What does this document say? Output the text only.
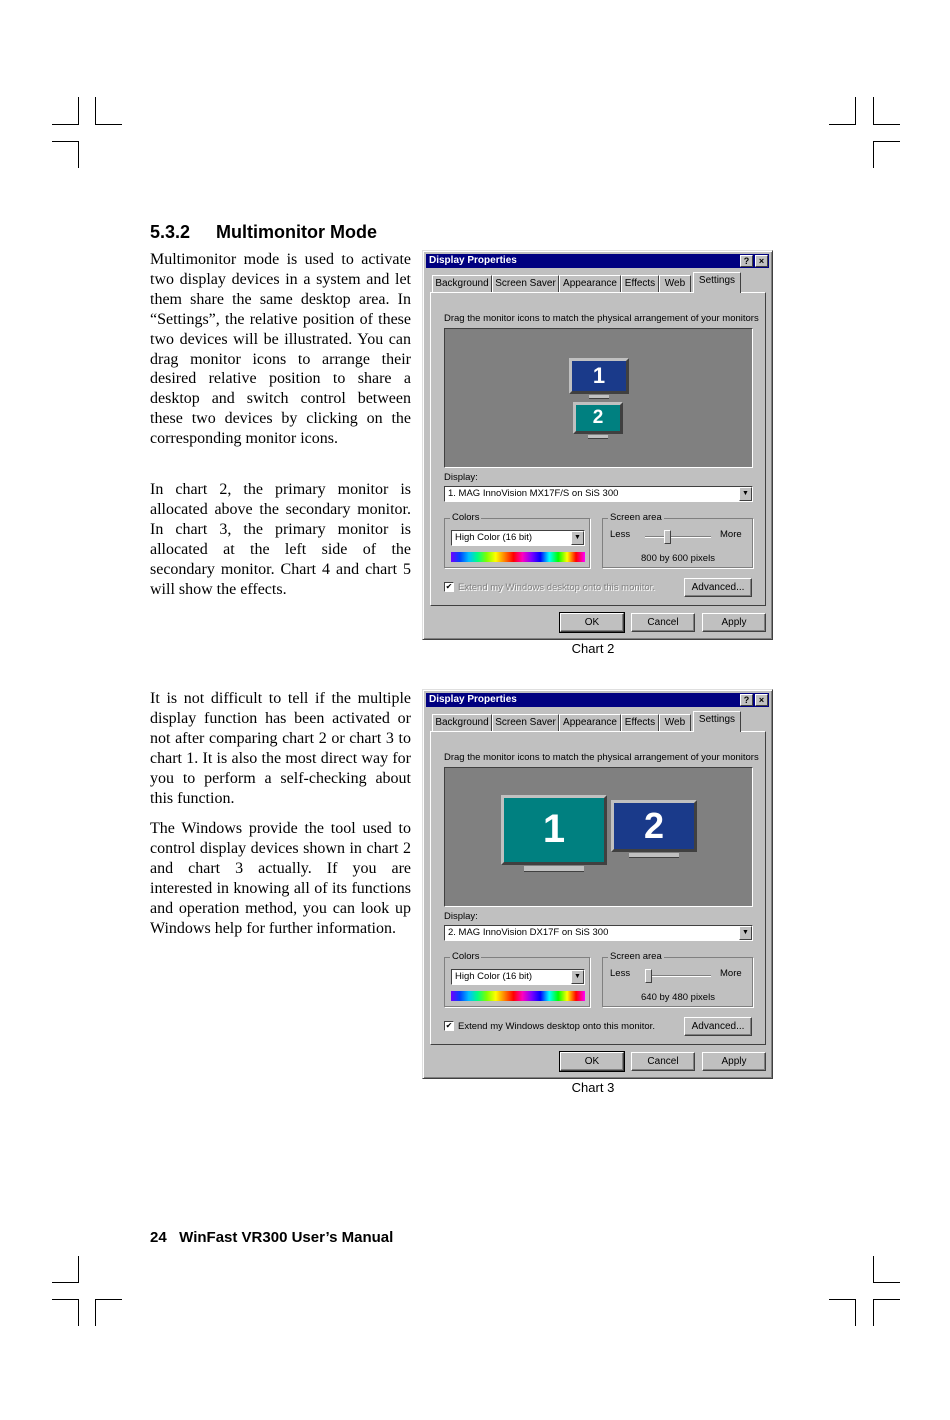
5.3.2 Multimonitor Mode

Multimonitor mode is used to activate two display devices in a system and let them share the same desktop area. In “Settings”, the relative position of these two devices will be illustrated. You can drag monitor icons to arrange their desired relative position to share a desktop and switch control between these two devices by clicking on the corresponding monitor icons.

In chart 2, the primary monitor is allocated above the secondary monitor. In chart 3, the primary monitor is allocated at the left side of the secondary monitor. Chart 4 and chart 5 will show the effects.

It is not difficult to tell if the multiple display function has been activated or not after comparing chart 2 or chart 3 to chart 1. It is also the most direct way for you to perform a self-checking about this function.

The Windows provide the tool used to control display devices shown in chart 2 and chart 3 actually. If you are interested in knowing all of its functions and operation method, you can look up Windows help for further information.

Display Properties	?	×
Background Screen Saver Appearance Effects Web	Settings
Drag the monitor icons to match the physical arrangement of your monitors
1
2
Display:
1. MAG InnoVision MX17F/S on SiS 300	▼
Colors
High Color (16 bit)	▼
Screen area
Less	More
800 by 600 pixels
✔ Extend my Windows desktop onto this monitor.	Advanced...
OK	Cancel	Apply
Chart 2
Display Properties	?	×
Background Screen Saver Appearance Effects Web	Settings
Drag the monitor icons to match the physical arrangement of your monitors
1	2
Display:
2. MAG InnoVision DX17F on SiS 300	▼
Colors
High Color (16 bit)	▼
Screen area
Less	More
640 by 480 pixels
✔ Extend my Windows desktop onto this monitor.	Advanced...
OK	Cancel	Apply
Chart 3
24   WinFast VR300 User’s Manual
